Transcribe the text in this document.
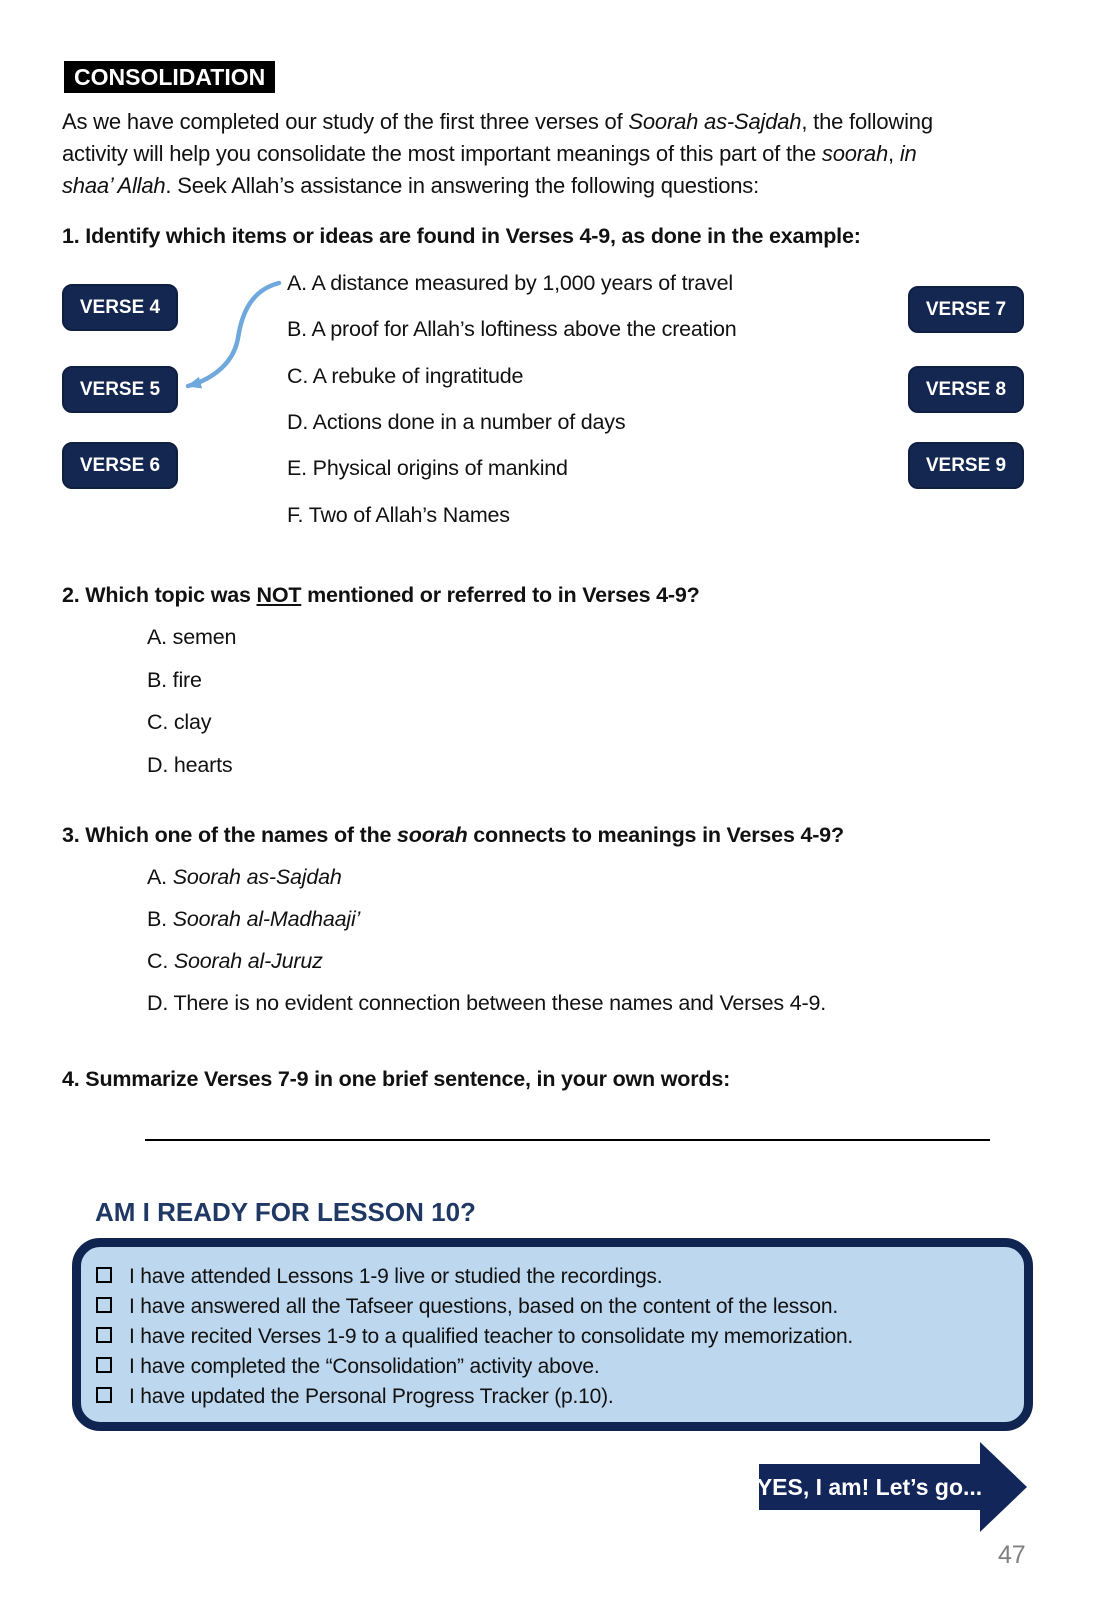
CONSOLIDATION
As we have completed our study of the first three verses of Soorah as-Sajdah, the following
activity will help you consolidate the most important meanings of this part of the soorah, in
shaa’ Allah. Seek Allah’s assistance in answering the following questions:
1. Identify which items or ideas are found in Verses 4-9, as done in the example:
VERSE 4
VERSE 5
VERSE 6
VERSE 7
VERSE 8
VERSE 9
A. A distance measured by 1,000 years of travel
B. A proof for Allah’s loftiness above the creation
C. A rebuke of ingratitude
D. Actions done in a number of days
E. Physical origins of mankind
F. Two of Allah’s Names
2. Which topic was NOT mentioned or referred to in Verses 4-9?
A. semen
B. fire
C. clay
D. hearts
3. Which one of the names of the soorah connects to meanings in Verses 4-9?
A. Soorah as-Sajdah
B. Soorah al-Madhaaji’
C. Soorah al-Juruz
D. There is no evident connection between these names and Verses 4-9.
4. Summarize Verses 7-9 in one brief sentence, in your own words:
AM I READY FOR LESSON 10?
I have attended Lessons 1-9 live or studied the recordings.
I have answered all the Tafseer questions, based on the content of the lesson.
I have recited Verses 1-9 to a qualified teacher to consolidate my memorization.
I have completed the “Consolidation” activity above.
I have updated the Personal Progress Tracker (p.10).
YES, I am! Let’s go...
47
